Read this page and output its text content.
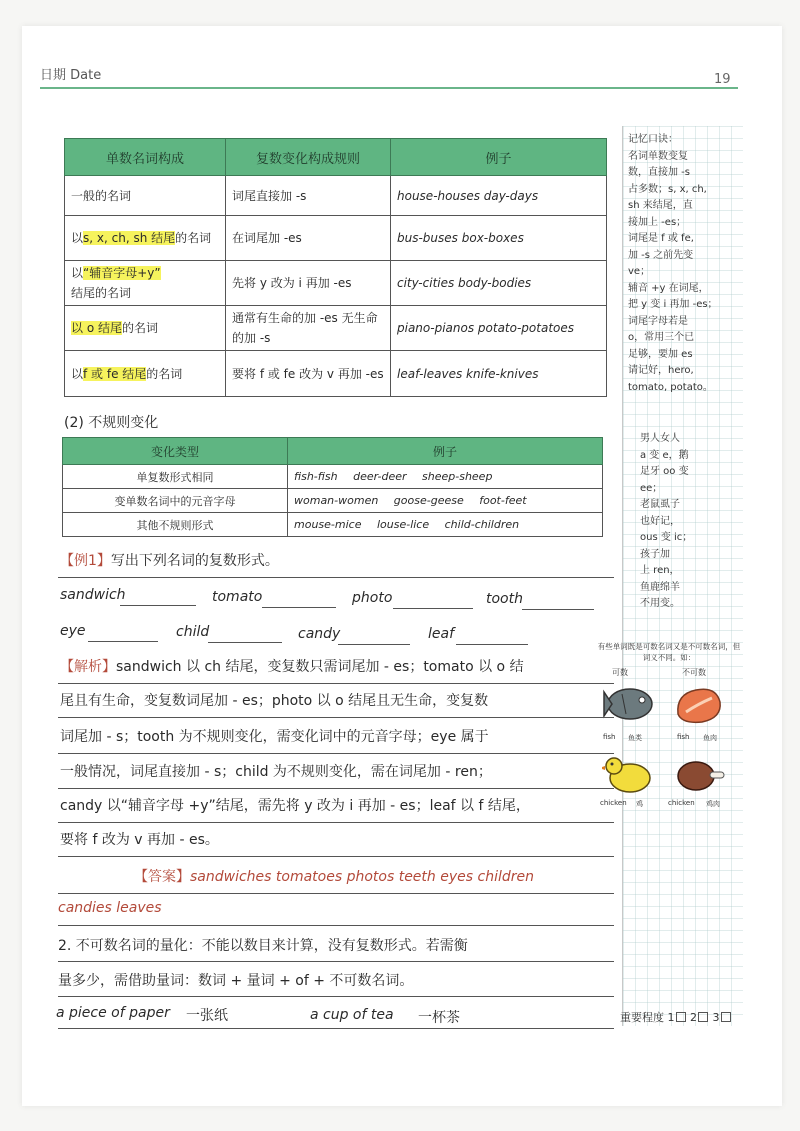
日期 Date	19
记忆口诀：
名词单数变复
数，直接加 -s
占多数；s, x, ch,
sh 来结尾，直
接加上 -es；
词尾是 f 或 fe,
加 -s 之前先变
ve；
辅音 +y 在词尾，
把 y 变 i 再加 -es；
词尾字母若是
o，常用三个已
足够，要加 es
请记好，hero,
tomato, potato。
男人女人
a 变 e，鹅
足牙 oo 变
ee；
老鼠虱子
也好记，
ous 变 ic；
孩子加
上 ren，
鱼鹿绵羊
不用变。
有些单词既是可数名词又是不可数名词，但词义不同。如：
可数	不可数
fish 鱼类	fish 鱼肉
chicken 鸡	chicken 鸡肉
重要程度 1 2 3
单数名词构成	复数变化构成规则	例子
一般的名词	词尾直接加 -s	house-houses day-days
以s, x, ch, sh 结尾的名词	在词尾加 -es	bus-buses box-boxes
以“辅音字母+y”
结尾的名词	先将 y 改为 i 再加 -es	city-cities body-bodies
以 o 结尾的名词	通常有生命的加 -es 无生命的加 -s	piano-pianos potato-potatoes
以f 或 fe 结尾的名词	要将 f 或 fe 改为 v 再加 -es	leaf-leaves knife-knives
(2) 不规则变化
变化类型	例子
单复数形式相同	fish-fish deer-deer sheep-sheep
变单数名词中的元音字母	woman-women goose-geese foot-feet
其他不规则形式	mouse-mice louse-lice child-children
【例1】写出下列名词的复数形式。
sandwich	tomato	photo	tooth
eye	child	candy	leaf
【解析】sandwich 以 ch 结尾，变复数只需词尾加 - es；tomato 以 o 结
尾且有生命，变复数词尾加 - es；photo 以 o 结尾且无生命，变复数
词尾加 - s；tooth 为不规则变化，需变化词中的元音字母；eye 属于
一般情况，词尾直接加 - s；child 为不规则变化，需在词尾加 - ren；
candy 以“辅音字母 +y”结尾，需先将 y 改为 i 再加 - es；leaf 以 f 结尾，
要将 f 改为 v 再加 - es。
【答案】sandwiches tomatoes photos teeth eyes children
candies leaves
2. 不可数名词的量化：不能以数目来计算，没有复数形式。若需衡
量多少，需借助量词：数词 + 量词 + of + 不可数名词。
a piece of paper 一张纸	a cup of tea 一杯茶
